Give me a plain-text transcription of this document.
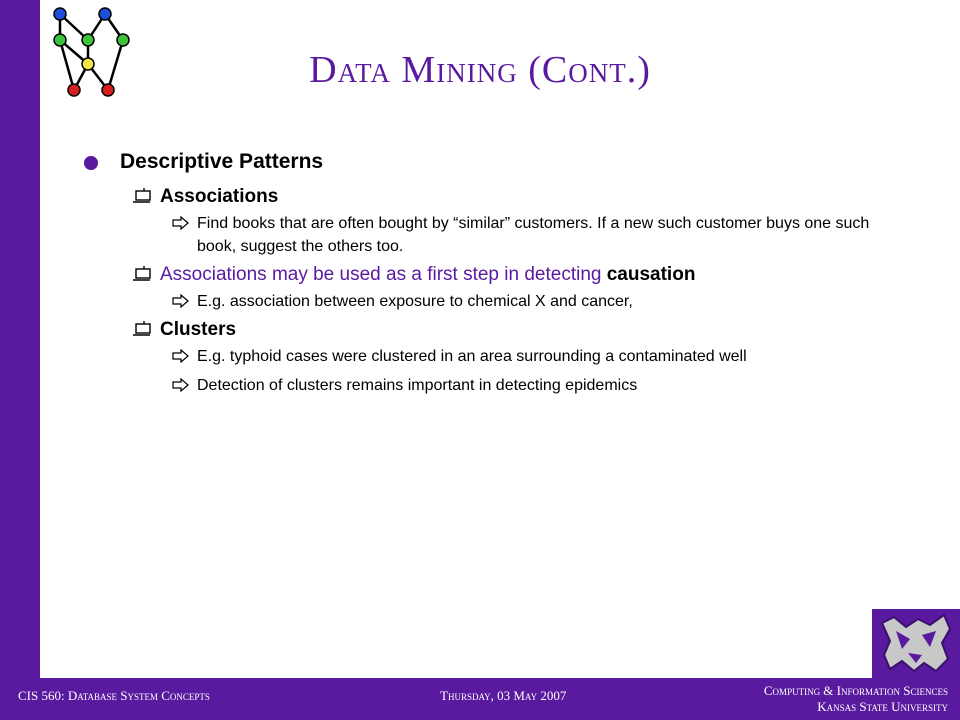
Data Mining (Cont.)
Descriptive Patterns
Associations
Find books that are often bought by “similar” customers. If a new such customer buys one such book, suggest the others too.
Associations may be used as a first step in detecting causation
E.g. association between exposure to chemical X and cancer,
Clusters
E.g. typhoid cases were clustered in an area surrounding a contaminated well
Detection of clusters remains important in detecting epidemics
CIS 560: Database System Concepts	Thursday, 03 May 2007	Computing & Information Sciences
Kansas State University
